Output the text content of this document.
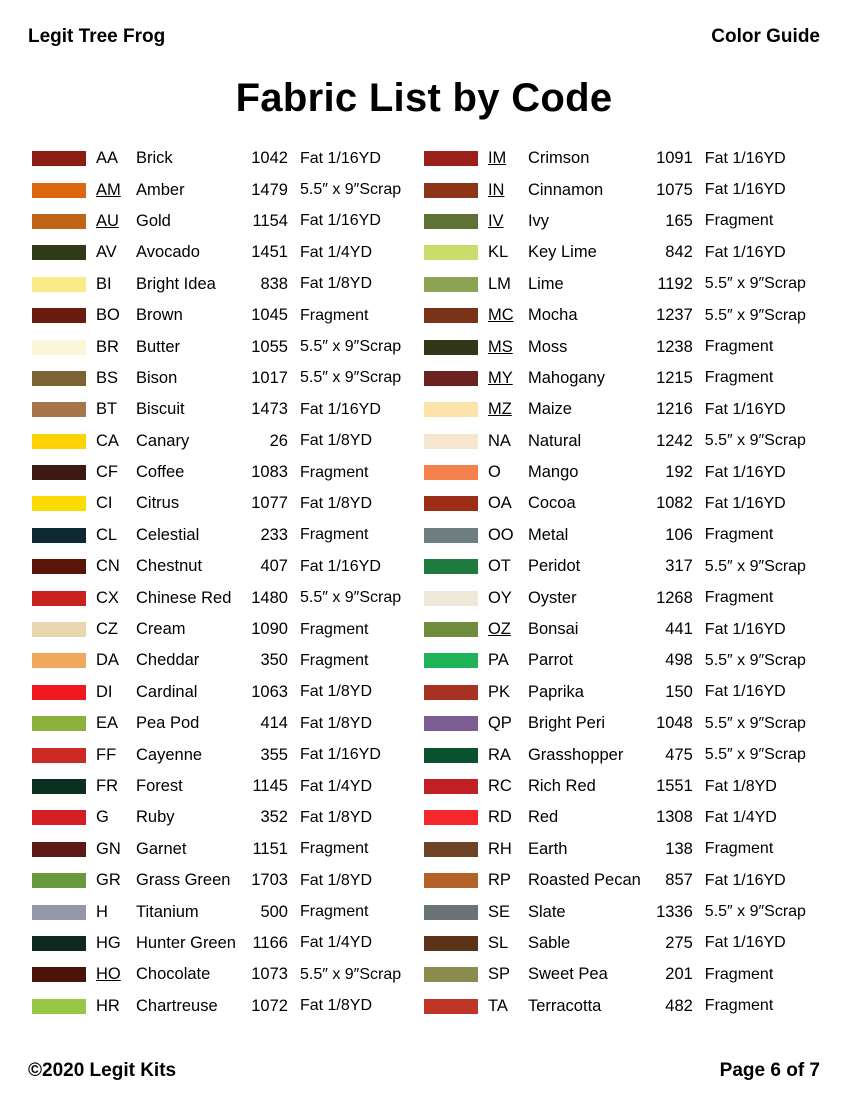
Legit Tree Frog	Color Guide
Fabric List by Code
AA	Brick	1042 Fat 1/16YD
AM Amber	1479 5.5″ x 9″Scrap
AU	Gold	1154 Fat 1/16YD
AV	Avocado	1451 Fat 1/4YD
BI	Bright Idea	838 Fat 1/8YD
BO Brown	1045 Fragment
BR	Butter	1055 5.5″ x 9″Scrap
BS	Bison	1017 5.5″ x 9″Scrap
BT	Biscuit	1473 Fat 1/16YD
CA	Canary	26 Fat 1/8YD
CF	Coffee	1083 Fragment
CI	Citrus	1077 Fat 1/8YD
CL	Celestial	233 Fragment
CN Chestnut	407 Fat 1/16YD
CX	Chinese Red	1480 5.5″ x 9″Scrap
CZ	Cream	1090 Fragment
DA	Cheddar	350 Fragment
DI	Cardinal	1063 Fat 1/8YD
EA	Pea Pod	414 Fat 1/8YD
FF	Cayenne	355 Fat 1/16YD
FR	Forest	1145 Fat 1/4YD
G	Ruby	352 Fat 1/8YD
GN Garnet	1151 Fragment
GR Grass Green	1703 Fat 1/8YD
H	Titanium	500 Fragment
HG Hunter Green	1166 Fat 1/4YD
HO Chocolate	1073 5.5″ x 9″Scrap
HR Chartreuse	1072 Fat 1/8YD
IM	Crimson	1091 Fat 1/16YD
IN	Cinnamon	1075 Fat 1/16YD
IV	Ivy	165 Fragment
KL	Key Lime	842 Fat 1/16YD
LM	Lime	1192 5.5″ x 9″Scrap
MC Mocha	1237 5.5″ x 9″Scrap
MS Moss	1238 Fragment
MY Mahogany	1215 Fragment
MZ Maize	1216 Fat 1/16YD
NA	Natural	1242 5.5″ x 9″Scrap
O	Mango	192 Fat 1/16YD
OA Cocoa	1082 Fat 1/16YD
OO Metal	106 Fragment
OT	Peridot	317 5.5″ x 9″Scrap
OY Oyster	1268 Fragment
OZ	Bonsai	441 Fat 1/16YD
PA	Parrot	498 5.5″ x 9″Scrap
PK	Paprika	150 Fat 1/16YD
QP Bright Peri	1048 5.5″ x 9″Scrap
RA	Grasshopper	475 5.5″ x 9″Scrap
RC Rich Red	1551 Fat 1/8YD
RD Red	1308 Fat 1/4YD
RH Earth	138 Fragment
RP	Roasted Pecan	857 Fat 1/16YD
SE	Slate	1336 5.5″ x 9″Scrap
SL	Sable	275 Fat 1/16YD
SP	Sweet Pea	201 Fragment
TA	Terracotta	482 Fragment
©2020 Legit Kits	Page 6 of 7
